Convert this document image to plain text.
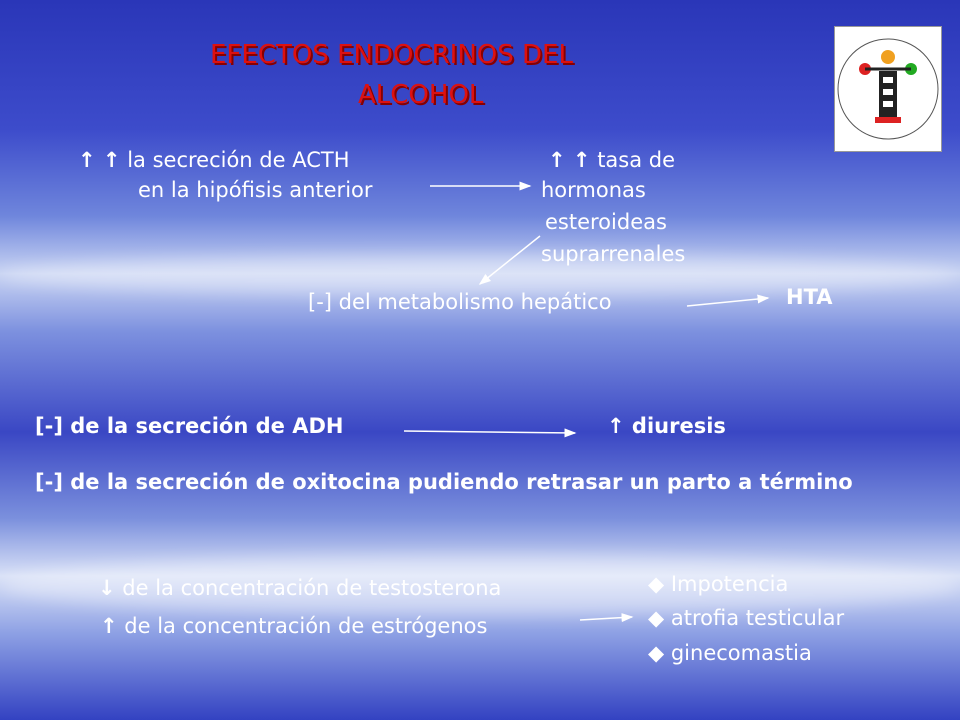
EFECTOS ENDOCRINOS DEL
ALCOHOL
↑ ↑ la secreción de ACTH
en la hipófisis anterior
↑ ↑ tasa de
hormonas
esteroideas
suprarrenales
[-] del metabolismo hepático	HTA
[-] de la secreción de ADH	↑ diuresis
[-] de la secreción de oxitocina pudiendo retrasar un parto a término
↓ de la concentración de testosterona
↑ de la concentración de estrógenos
◆ Impotencia
◆ atrofia testicular
◆ ginecomastia
